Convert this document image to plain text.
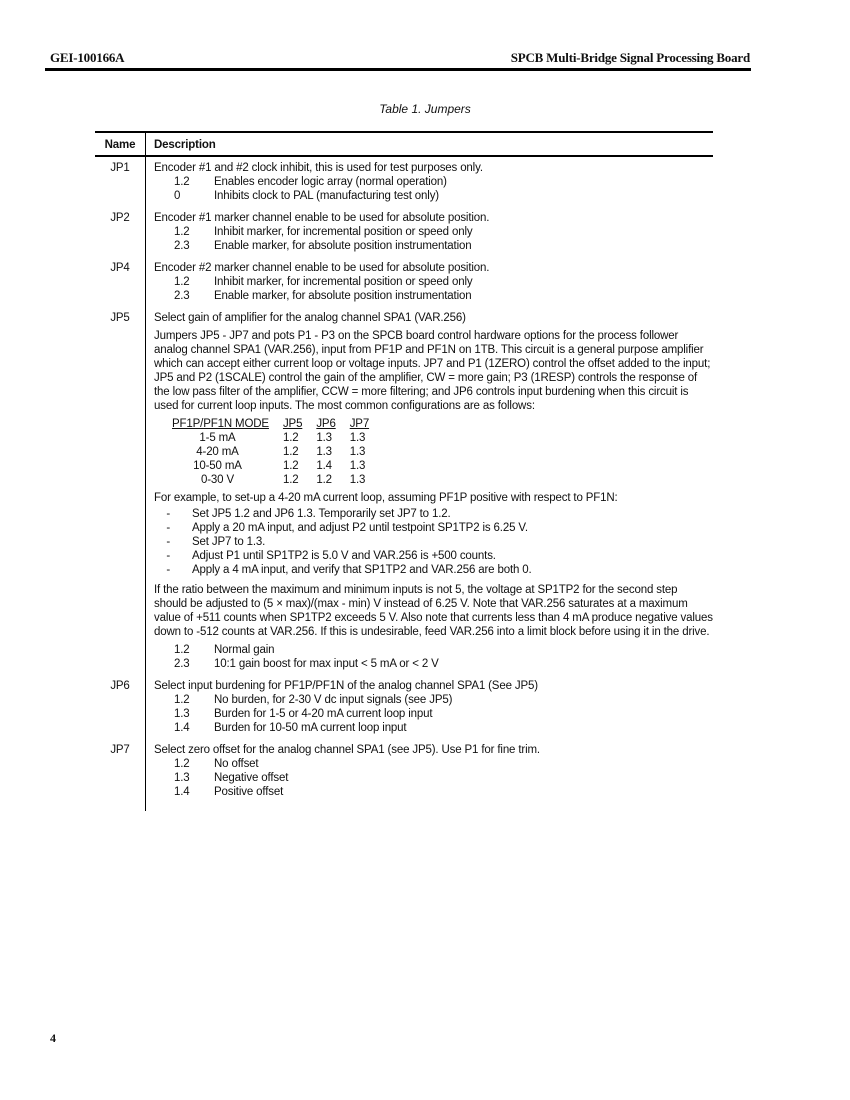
GEI-100166A	SPCB Multi-Bridge Signal Processing Board
Table 1. Jumpers
Name	Description
JP1	Encoder #1 and #2 clock inhibit, this is used for test purposes only.
1.2	Enables encoder logic array (normal operation)
0	Inhibits clock to PAL (manufacturing test only)
JP2	Encoder #1 marker channel enable to be used for absolute position.
1.2	Inhibit marker, for incremental position or speed only
2.3	Enable marker, for absolute position instrumentation
JP4	Encoder #2 marker channel enable to be used for absolute position.
1.2	Inhibit marker, for incremental position or speed only
2.3	Enable marker, for absolute position instrumentation
JP5	Select gain of amplifier for the analog channel SPA1 (VAR.256)
Jumpers JP5 - JP7 and pots P1 - P3 on the SPCB board control hardware options for the process follower analog channel SPA1 (VAR.256), input from PF1P and PF1N on 1TB. This circuit is a general purpose amplifier which can accept either current loop or voltage inputs. JP7 and P1 (1ZERO) control the offset added to the input; JP5 and P2 (1SCALE) control the gain of the amplifier, CW = more gain; P3 (1RESP) controls the response of the low pass filter of the amplifier, CCW = more filtering; and JP6 controls input burdening when this circuit is used for current loop inputs. The most common configurations are as follows:
PF1P/PF1N MODE	JP5	JP6	JP7
1-5 mA	1.2	1.3	1.3
4-20 mA	1.2	1.3	1.3
10-50 mA	1.2	1.4	1.3
0-30 V	1.2	1.2	1.3
For example, to set-up a 4-20 mA current loop, assuming PF1P positive with respect to PF1N:
-	Set JP5 1.2 and JP6 1.3. Temporarily set JP7 to 1.2.
-	Apply a 20 mA input, and adjust P2 until testpoint SP1TP2 is 6.25 V.
-	Set JP7 to 1.3.
-	Adjust P1 until SP1TP2 is 5.0 V and VAR.256 is +500 counts.
-	Apply a 4 mA input, and verify that SP1TP2 and VAR.256 are both 0.
If the ratio between the maximum and minimum inputs is not 5, the voltage at SP1TP2 for the second step should be adjusted to (5 × max)/(max - min) V instead of 6.25 V. Note that VAR.256 saturates at a maximum value of +511 counts when SP1TP2 exceeds 5 V. Also note that currents less than 4 mA produce negative values down to -512 counts at VAR.256. If this is undesirable, feed VAR.256 into a limit block before using it in the drive.
1.2	Normal gain
2.3	10:1 gain boost for max input < 5 mA or < 2 V
JP6	Select input burdening for PF1P/PF1N of the analog channel SPA1 (See JP5)
1.2	No burden, for 2-30 V dc input signals (see JP5)
1.3	Burden for 1-5 or 4-20 mA current loop input
1.4	Burden for 10-50 mA current loop input
JP7	Select zero offset for the analog channel SPA1 (see JP5). Use P1 for fine trim.
1.2	No offset
1.3	Negative offset
1.4	Positive offset
4
